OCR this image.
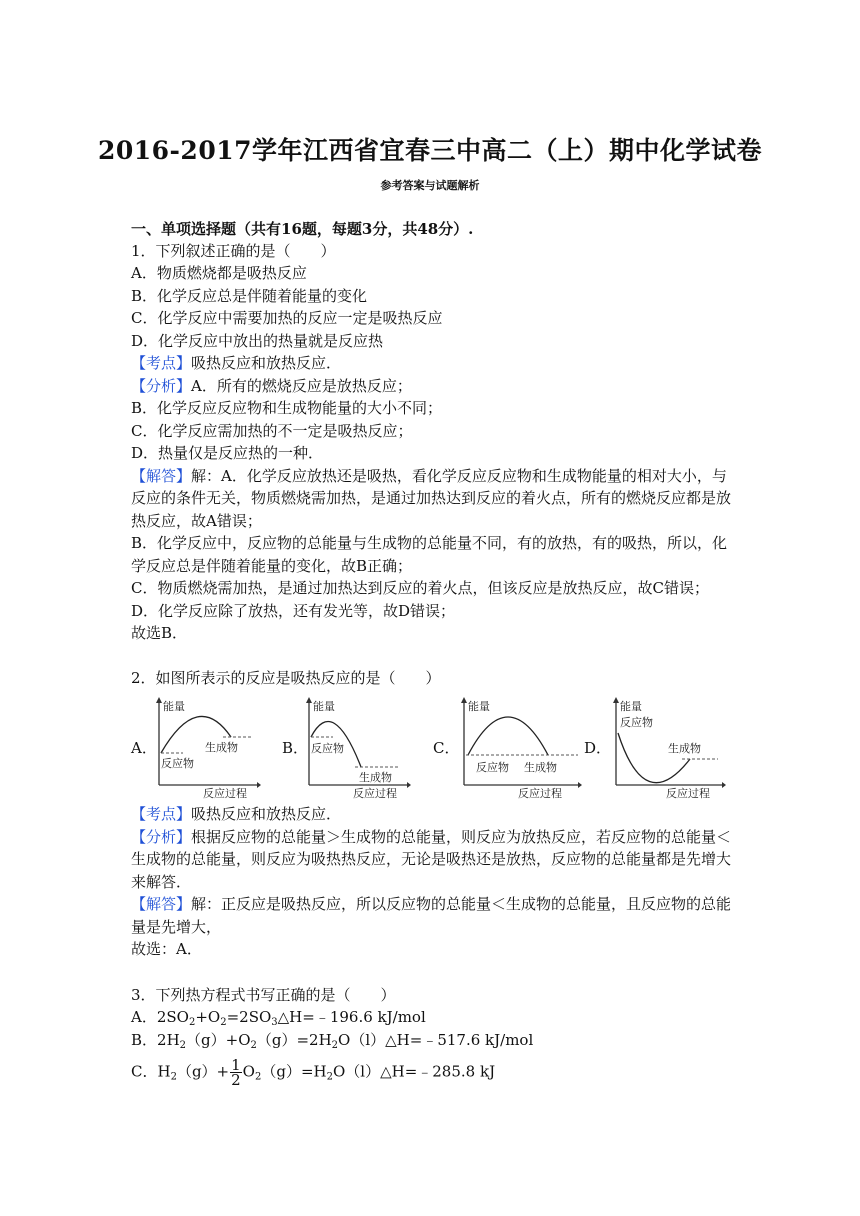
2016-2017学年江西省宜春三中高二（上）期中化学试卷
参考答案与试题解析
一、单项选择题（共有16题，每题3分，共48分）.
1．下列叙述正确的是（　　）
A．物质燃烧都是吸热反应
B．化学反应总是伴随着能量的变化
C．化学反应中需要加热的反应一定是吸热反应
D．化学反应中放出的热量就是反应热
【考点】吸热反应和放热反应．
【分析】A．所有的燃烧反应是放热反应；
B．化学反应反应物和生成物能量的大小不同；
C．化学反应需加热的不一定是吸热反应；
D．热量仅是反应热的一种．
【解答】解：A．化学反应放热还是吸热，看化学反应反应物和生成物能量的相对大小，与
反应的条件无关，物质燃烧需加热，是通过加热达到反应的着火点，所有的燃烧反应都是放
热反应，故A错误；
B．化学反应中，反应物的总能量与生成物的总能量不同，有的放热，有的吸热，所以，化
学反应总是伴随着能量的变化，故B正确；
C．物质燃烧需加热，是通过加热达到反应的着火点，但该反应是放热反应，故C错误；
D．化学反应除了放热，还有发光等，故D错误；
故选B．
2．如图所表示的反应是吸热反应的是（　　）
A．
能量
生成物
反应物
反应过程
B．
能量
反应物
生成物
反应过程
C．
能量
反应物 生成物
反应过程
D．
能量
反应物
生成物
反应过程
【考点】吸热反应和放热反应．
【分析】根据反应物的总能量＞生成物的总能量，则反应为放热反应，若反应物的总能量＜
生成物的总能量，则反应为吸热热反应，无论是吸热还是放热，反应物的总能量都是先增大
来解答．
【解答】解：正反应是吸热反应，所以反应物的总能量＜生成物的总能量，且反应物的总能
量是先增大，
故选：A．
3．下列热方程式书写正确的是（　　）
A．$2SO_2+O_2=2SO_3\triangle H=﹣196.6$ kJ/mol
B．$2H_2(g)+O_2(g)=2H_2O(l)\triangle H=﹣517.6$ kJ/mol
C．$H_2(g)+ \frac{1}{2}$ $O_2(g)=H_2O(l)\triangle H=﹣285.8$ kJ
